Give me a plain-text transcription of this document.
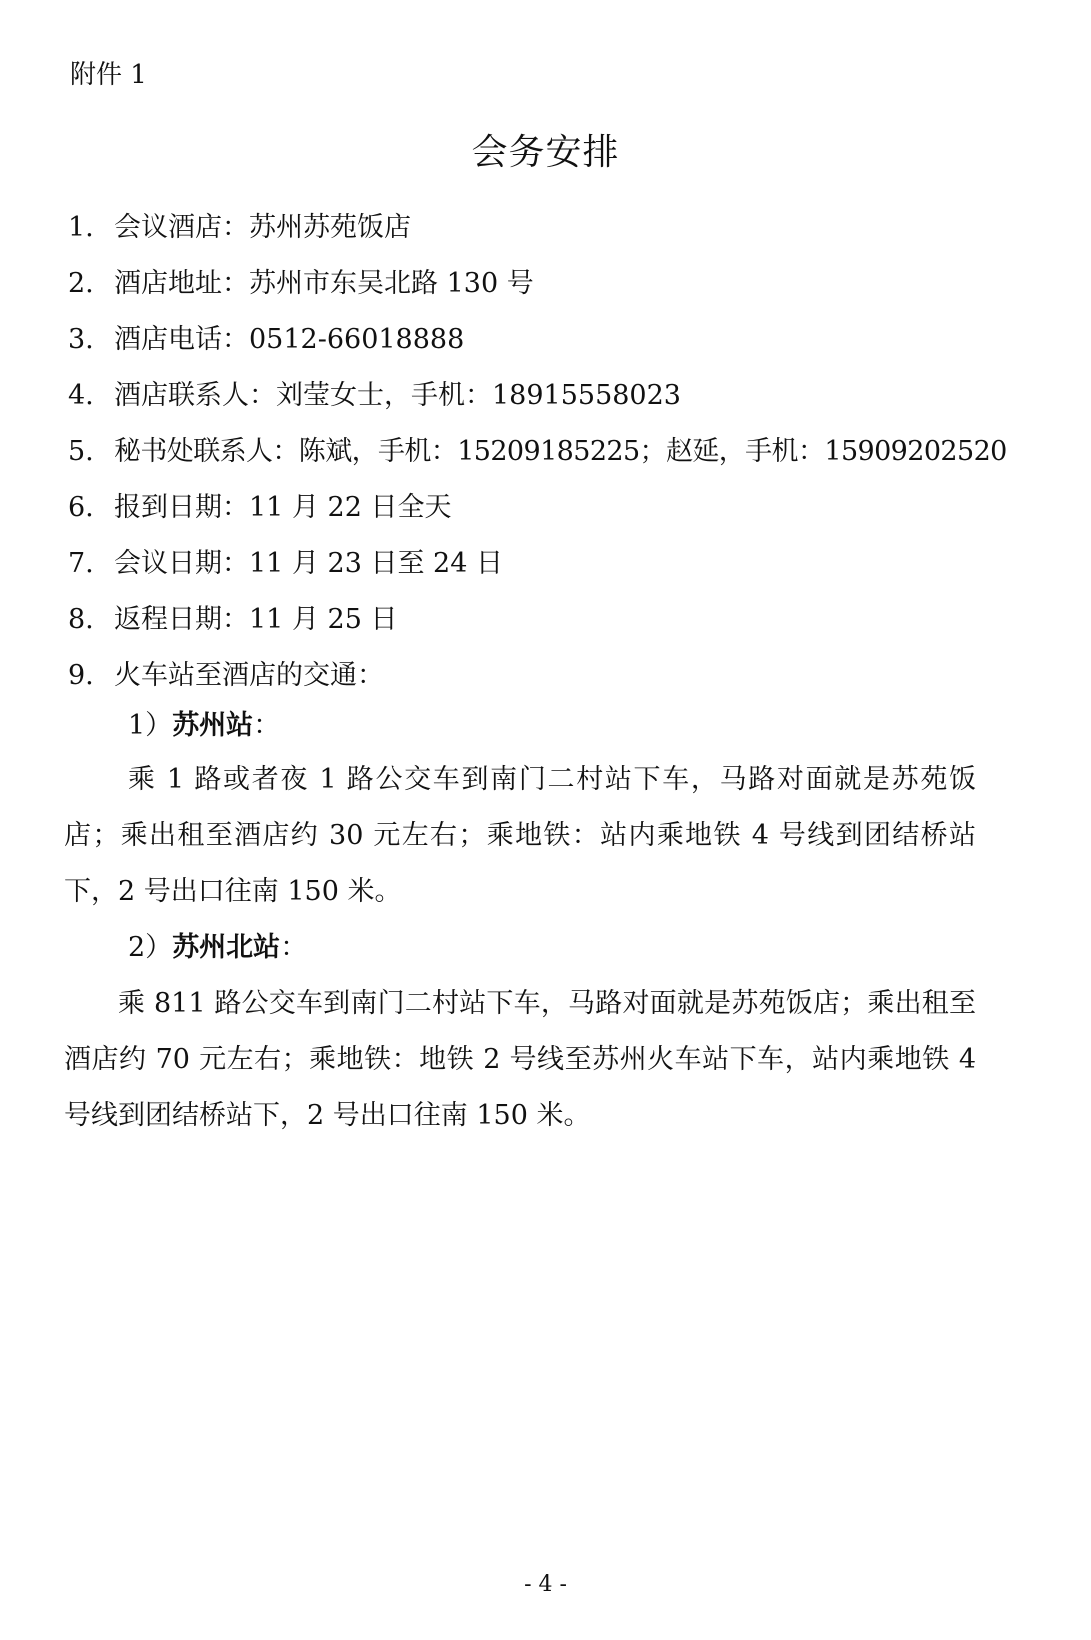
附件 1
会务安排
1. 会议酒店：苏州苏苑饭店
2. 酒店地址：苏州市东吴北路 130 号
3. 酒店电话：0512-66018888
4. 酒店联系人：刘莹女士，手机：18915558023
5. 秘书处联系人：陈斌，手机：15209185225；赵延，手机：15909202520
6. 报到日期：11 月 22 日全天
7. 会议日期：11 月 23 日至 24 日
8. 返程日期：11 月 25 日
9. 火车站至酒店的交通：
1）苏州站：

乘 1 路或者夜 1 路公交车到南门二村站下车，马路对面就是苏苑饭店；乘出租至酒店约 30 元左右；乘地铁：站内乘地铁 4 号线到团结桥站下，2 号出口往南 150 米。

2）苏州北站：

乘 811 路公交车到南门二村站下车，马路对面就是苏苑饭店；乘出租至酒店约 70 元左右；乘地铁：地铁 2 号线至苏州火车站下车，站内乘地铁 4 号线到团结桥站下，2 号出口往南 150 米。

- 4 -
